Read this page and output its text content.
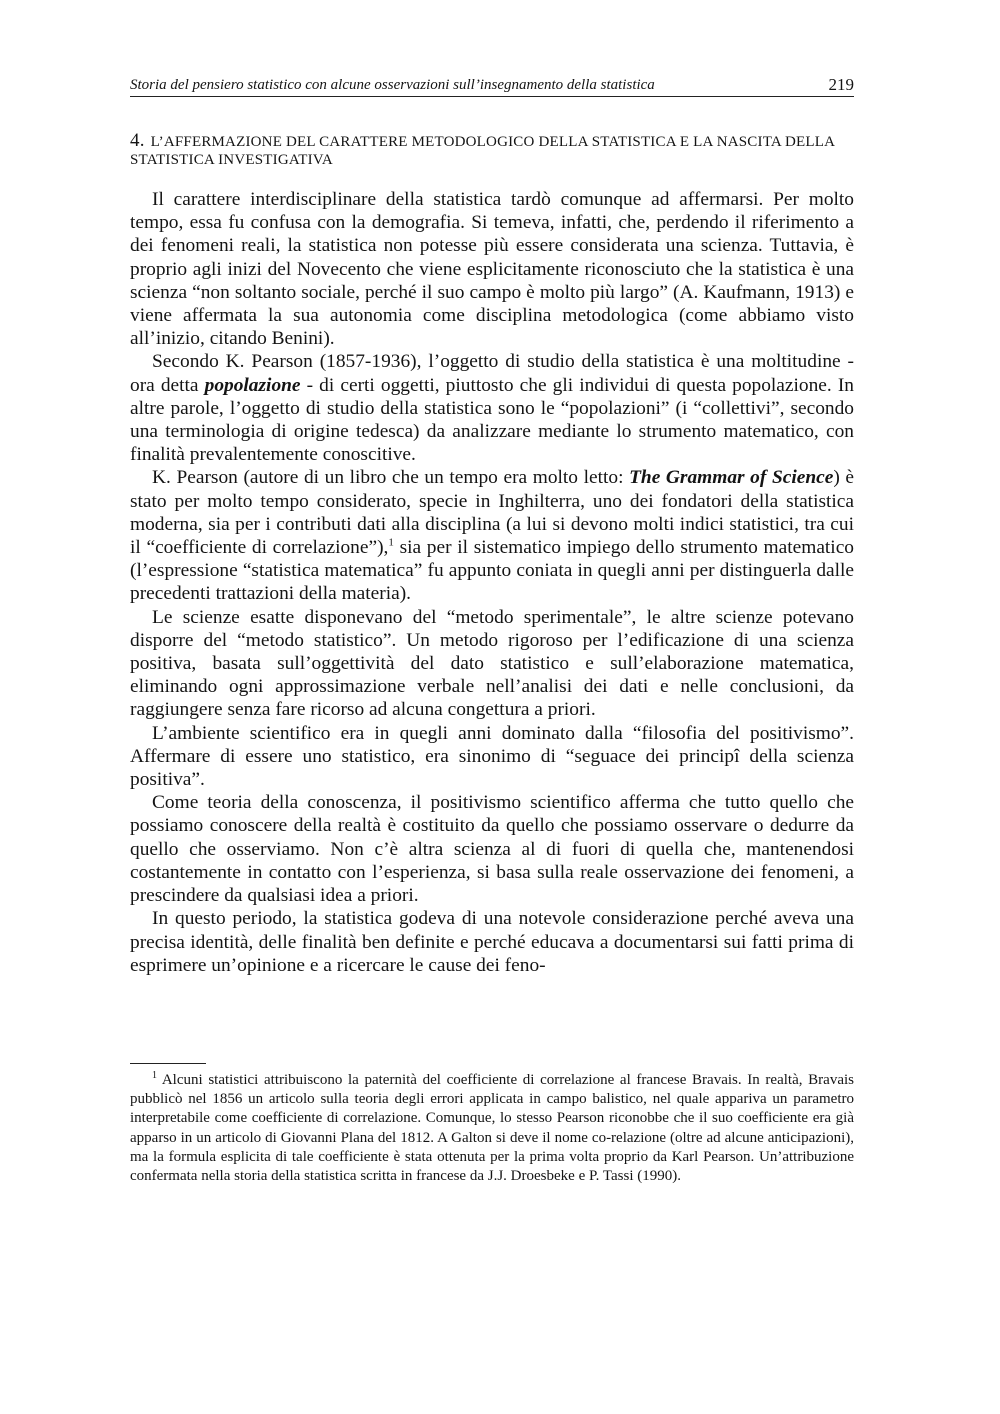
Storia del pensiero statistico con alcune osservazioni sull’insegnamento della statistica	219
4. L’AFFERMAZIONE DEL CARATTERE METODOLOGICO DELLA STATISTICA E LA NASCITA DELLA STATISTICA INVESTIGATIVA

Il carattere interdisciplinare della statistica tardò comunque ad affermarsi. Per molto tempo, essa fu confusa con la demografia. Si temeva, infatti, che, perdendo il riferimento a dei fenomeni reali, la statistica non potesse più essere considerata una scienza. Tuttavia, è proprio agli inizi del Novecento che viene esplicitamente riconosciuto che la statistica è una scienza “non soltanto sociale, perché il suo campo è molto più largo” (A. Kaufmann, 1913) e viene affermata la sua autonomia come disciplina metodologica (come abbiamo visto all’inizio, citando Benini).

Secondo K. Pearson (1857-1936), l’oggetto di studio della statistica è una moltitudine - ora detta popolazione - di certi oggetti, piuttosto che gli individui di questa popolazione. In altre parole, l’oggetto di studio della statistica sono le “popolazioni” (i “collettivi”, secondo una terminologia di origine tedesca) da analizzare mediante lo strumento matematico, con finalità prevalentemente conoscitive.

K. Pearson (autore di un libro che un tempo era molto letto: The Grammar of Science) è stato per molto tempo considerato, specie in Inghilterra, uno dei fondatori della statistica moderna, sia per i contributi dati alla disciplina (a lui si devono molti indici statistici, tra cui il “coefficiente di correlazione”),$^1$ sia per il sistematico impiego dello strumento matematico (l’espressione “statistica matematica” fu appunto coniata in quegli anni per distinguerla dalle precedenti trattazioni della materia).

Le scienze esatte disponevano del “metodo sperimentale”, le altre scienze potevano disporre del “metodo statistico”. Un metodo rigoroso per l’edificazione di una scienza positiva, basata sull’oggettività del dato statistico e sull’elaborazione matematica, eliminando ogni approssimazione verbale nell’analisi dei dati e nelle conclusioni, da raggiungere senza fare ricorso ad alcuna congettura a priori.

L’ambiente scientifico era in quegli anni dominato dalla “filosofia del positivismo”. Affermare di essere uno statistico, era sinonimo di “seguace dei principî della scienza positiva”.

Come teoria della conoscenza, il positivismo scientifico afferma che tutto quello che possiamo conoscere della realtà è costituito da quello che possiamo osservare o dedurre da quello che osserviamo. Non c’è altra scienza al di fuori di quella che, mantenendosi costantemente in contatto con l’esperienza, si basa sulla reale osservazione dei fenomeni, a prescindere da qualsiasi idea a priori.

In questo periodo, la statistica godeva di una notevole considerazione perché aveva una precisa identità, delle finalità ben definite e perché educava a documentarsi sui fatti prima di esprimere un’opinione e a ricercare le cause dei feno-

$^1$ Alcuni statistici attribuiscono la paternità del coefficiente di correlazione al francese Bravais. In realtà, Bravais pubblicò nel 1856 un articolo sulla teoria degli errori applicata in campo balistico, nel quale appariva un parametro interpretabile come coefficiente di correlazione. Comunque, lo stesso Pearson riconobbe che il suo coefficiente era già apparso in un articolo di Giovanni Plana del 1812. A Galton si deve il nome co-relazione (oltre ad alcune anticipazioni), ma la formula esplicita di tale coefficiente è stata ottenuta per la prima volta proprio da Karl Pearson. Un’attribuzione confermata nella storia della statistica scritta in francese da J.J. Droesbeke e P. Tassi (1990).
